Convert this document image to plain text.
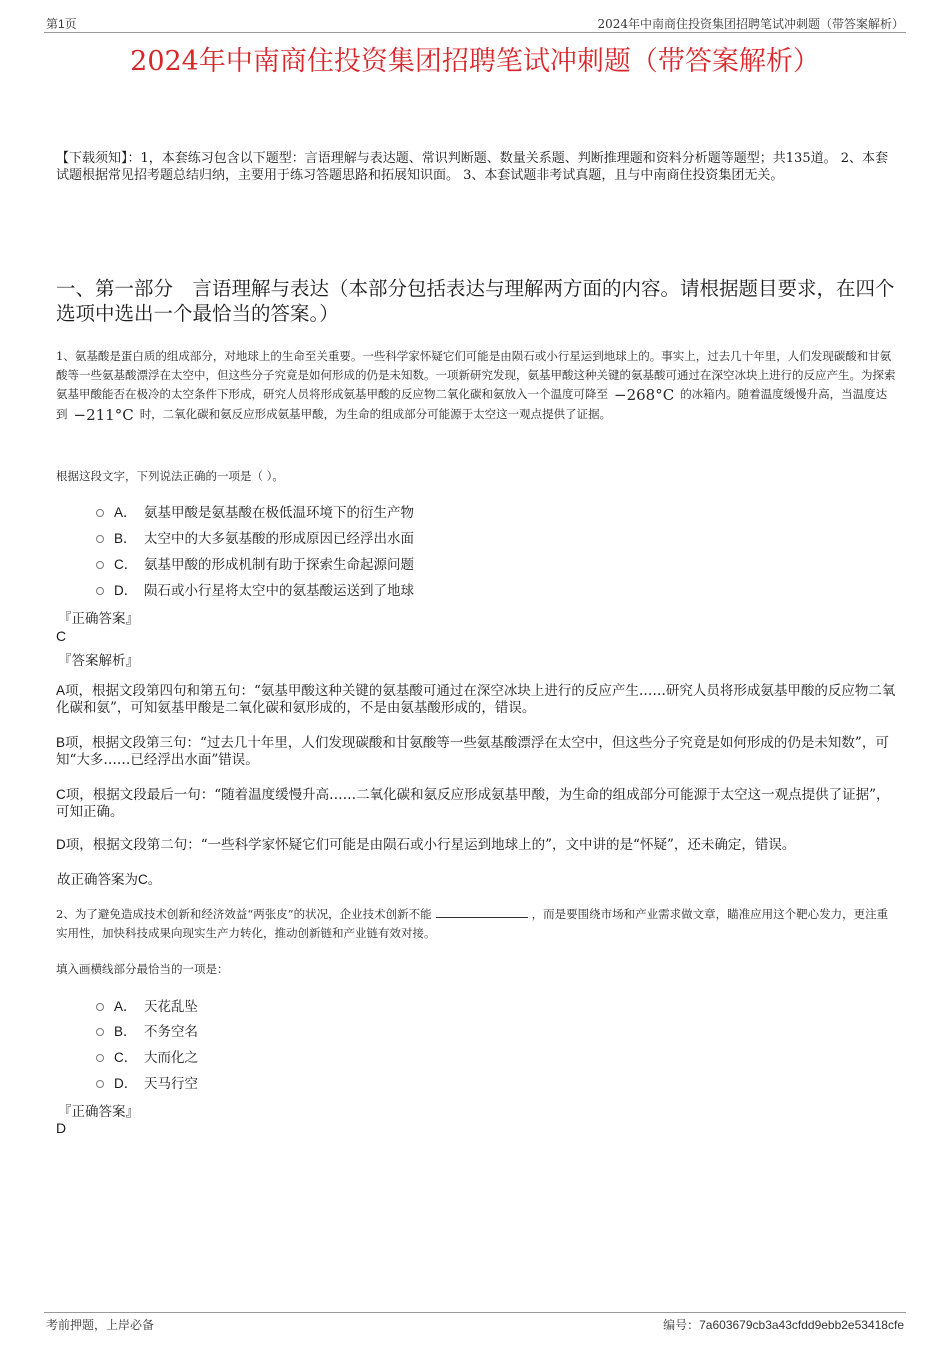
第1页	2024年中南商住投资集团招聘笔试冲刺题（带答案解析）
2024年中南商住投资集团招聘笔试冲刺题（带答案解析）
【下载须知】：1，本套练习包含以下题型：言语理解与表达题、常识判断题、数量关系题、判断推理题和资料分析题等题型；共135道。 2、本套试题根据常见招考题总结归纳，主要用于练习答题思路和拓展知识面。 3、本套试题非考试真题，且与中南商住投资集团无关。
一、第一部分　言语理解与表达（本部分包括表达与理解两方面的内容。请根据题目要求，在四个选项中选出一个最恰当的答案。）
1、氨基酸是蛋白质的组成部分，对地球上的生命至关重要。一些科学家怀疑它们可能是由陨石或小行星运到地球上的。事实上，过去几十年里，人们发现碳酸和甘氨酸等一些氨基酸漂浮在太空中，但这些分子究竟是如何形成的仍是未知数。一项新研究发现，氨基甲酸这种关键的氨基酸可通过在深空冰块上进行的反应产生。为探索氨基甲酸能否在极冷的太空条件下形成，研究人员将形成氨基甲酸的反应物二氧化碳和氨放入一个温度可降至 −268°C 的冰箱内。随着温度缓慢升高，当温度达到 −211°C 时，二氧化碳和氨反应形成氨基甲酸，为生命的组成部分可能源于太空这一观点提供了证据。
根据这段文字，下列说法正确的一项是（ ）。
A． 氨基甲酸是氨基酸在极低温环境下的衍生产物
B． 太空中的大多氨基酸的形成原因已经浮出水面
C． 氨基甲酸的形成机制有助于探索生命起源问题
D． 陨石或小行星将太空中的氨基酸运送到了地球
『正确答案』
C
『答案解析』
A项，根据文段第四句和第五句：“氨基甲酸这种关键的氨基酸可通过在深空冰块上进行的反应产生……研究人员将形成氨基甲酸的反应物二氧化碳和氨”，可知氨基甲酸是二氧化碳和氨形成的，不是由氨基酸形成的，错误。
B项，根据文段第三句：“过去几十年里，人们发现碳酸和甘氨酸等一些氨基酸漂浮在太空中，但这些分子究竟是如何形成的仍是未知数”，可知“大多……已经浮出水面”错误。
C项，根据文段最后一句：“随着温度缓慢升高……二氧化碳和氨反应形成氨基甲酸，为生命的组成部分可能源于太空这一观点提供了证据”，可知正确。
D项，根据文段第二句：“一些科学家怀疑它们可能是由陨石或小行星运到地球上的”，文中讲的是“怀疑”，还未确定，错误。
故正确答案为C。
2、为了避免造成技术创新和经济效益“两张皮”的状况，企业技术创新不能	，而是要围绕市场和产业需求做文章，瞄准应用这个靶心发力，更注重实用性，加快科技成果向现实生产力转化，推动创新链和产业链有效对接。
填入画横线部分最恰当的一项是：
A． 天花乱坠
B． 不务空名
C． 大而化之
D． 天马行空
『正确答案』
D
考前押题，上岸必备	编号：7a603679cb3a43cfdd9ebb2e53418cfe
